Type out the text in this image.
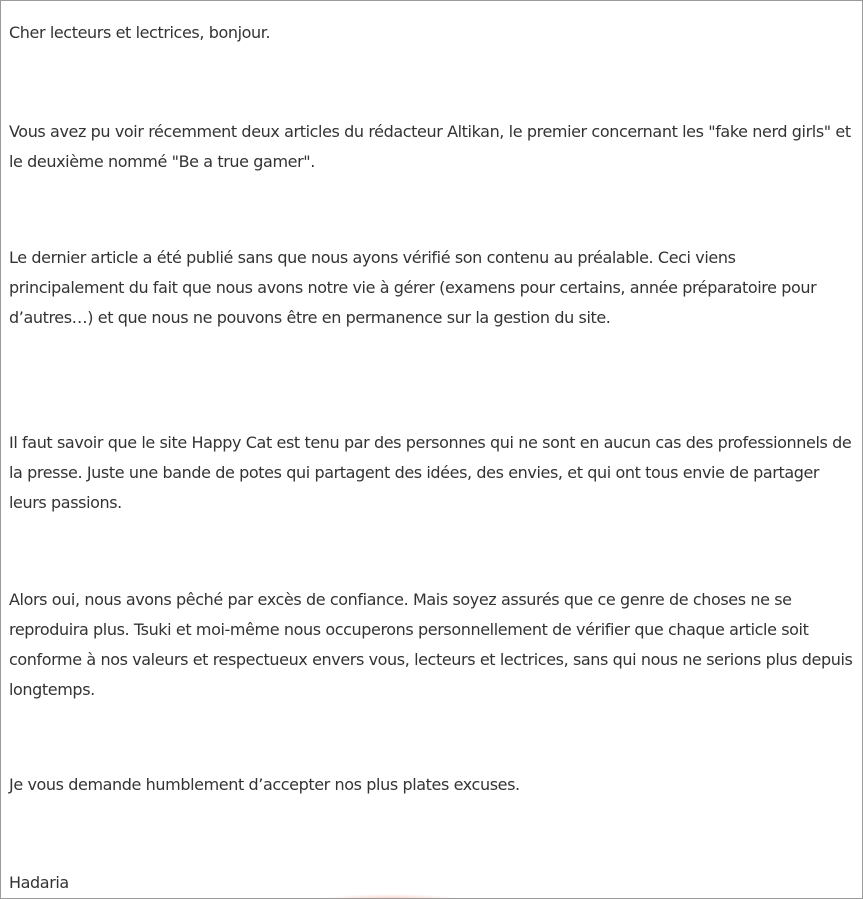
Cher lecteurs et lectrices, bonjour.

Vous avez pu voir récemment deux articles du rédacteur Altikan, le premier concernant les "fake nerd girls" et le deuxième nommé "Be a true gamer".

Le dernier article a été publié sans que nous ayons vérifié son contenu au préalable. Ceci viens principalement du fait que nous avons notre vie à gérer (examens pour certains, année préparatoire pour d’autres…) et que nous ne pouvons être en permanence sur la gestion du site.

Il faut savoir que le site Happy Cat est tenu par des personnes qui ne sont en aucun cas des professionnels de la presse. Juste une bande de potes qui partagent des idées, des envies, et qui ont tous envie de partager leurs passions.

Alors oui, nous avons pêché par excès de confiance. Mais soyez assurés que ce genre de choses ne se reproduira plus. Tsuki et moi-même nous occuperons personnellement de vérifier que chaque article soit conforme à nos valeurs et respectueux envers vous, lecteurs et lectrices, sans qui nous ne serions plus depuis longtemps.

Je vous demande humblement d’accepter nos plus plates excuses.

Hadaria
